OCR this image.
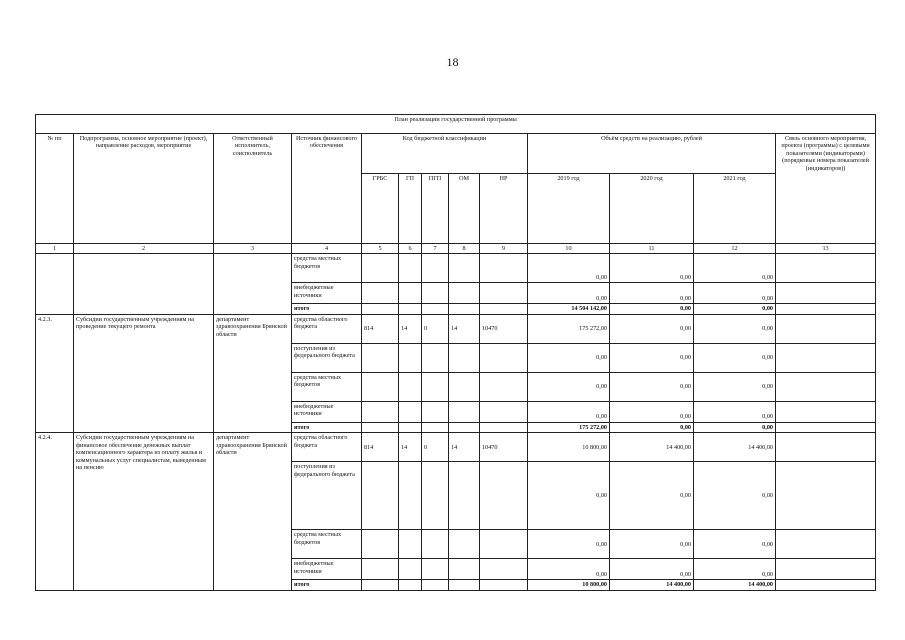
18
План реализации государственной программы												
№ пп	Подпрограмма, основное мероприятие (проект), направление расходов, мероприятие	Ответственный исполнитель, соисполнитель	Источник финансового обеспечения	Код бюджетной классификации					Объём средств на реализацию, рублей			Связь основного мероприятия, проекта (программы) с целевыми показателями (индикаторами) (порядковые номера показателей (индикаторов))
				ГРБС	ГП	ПГП	ОМ	НР	2019 год	2020 год	2021 год	
1	2	3	4	5	6	7	8	9	10	11	12	13
			средства местных бюджетов						0,00	0,00	0,00	
			внебюджетные источники						0,00	0,00	0,00	
			итого						14 504 142,00	0,00	0,00	
4.2.3.	Субсидии государственным учреждениям на проведение текущего ремонта	департамент здравоохранения Брянской области	средства областного бюджета	814	14	0	14	10470	175 272,00	0,00	0,00	
			поступления из федерального бюджета						0,00	0,00	0,00	
			средства местных бюджетов						0,00	0,00	0,00	
			внебюджетные источники						0,00	0,00	0,00	
			итого						175 272,00	0,00	0,00	
4.2.4.	Субсидии государственным учреждениям на финансовое обеспечение денежных выплат компенсационного характера из оплату жилья и коммунальных услуг специалистам, выведенным на пенсию	департамент здравоохранения Брянской области	средства областного бюджета	814	14	0	14	10470	10 800,00	14 400,00	14 400,00	
			поступления из федерального бюджета						0,00	0,00	0,00	
			средства местных бюджетов						0,00	0,00	0,00	
			внебюджетные источники						0,00	0,00	0,00	
			итого						10 800,00	14 400,00	14 400,00	
